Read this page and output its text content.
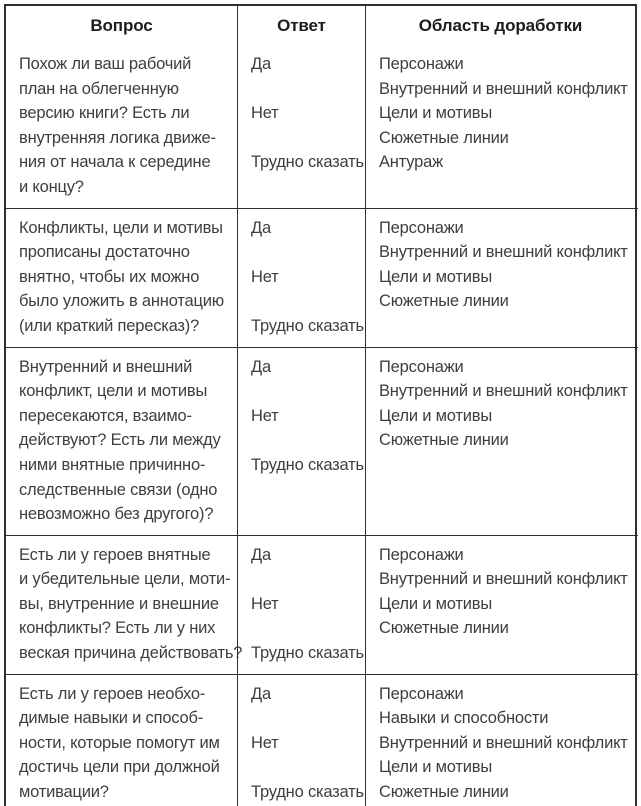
Вопрос	Ответ	Область доработки
Похож ли ваш рабочий
план на облегченную
версию книги? Есть ли
внутренняя логика движе-
ния от начала к середине
и концу?
Да

Нет

Трудно сказать
Персонажи
Внутренний и внешний конфликт
Цели и мотивы
Сюжетные линии
Антураж
Конфликты, цели и мотивы
прописаны достаточно
внятно, чтобы их можно
было уложить в аннотацию
(или краткий пересказ)?
Да

Нет

Трудно сказать
Персонажи
Внутренний и внешний конфликт
Цели и мотивы
Сюжетные линии
Внутренний и внешний
конфликт, цели и мотивы
пересекаются, взаимо-
действуют? Есть ли между
ними внятные причинно-
следственные связи (одно
невозможно без другого)?
Да

Нет

Трудно сказать
Персонажи
Внутренний и внешний конфликт
Цели и мотивы
Сюжетные линии
Есть ли у героев внятные
и убедительные цели, моти-
вы, внутренние и внешние
конфликты? Есть ли у них
веская причина действовать?
Да

Нет

Трудно сказать
Персонажи
Внутренний и внешний конфликт
Цели и мотивы
Сюжетные линии
Есть ли у героев необхо-
димые навыки и способ-
ности, которые помогут им
достичь цели при должной
мотивации?
Да

Нет

Трудно сказать
Персонажи
Навыки и способности
Внутренний и внешний конфликт
Цели и мотивы
Сюжетные линии
